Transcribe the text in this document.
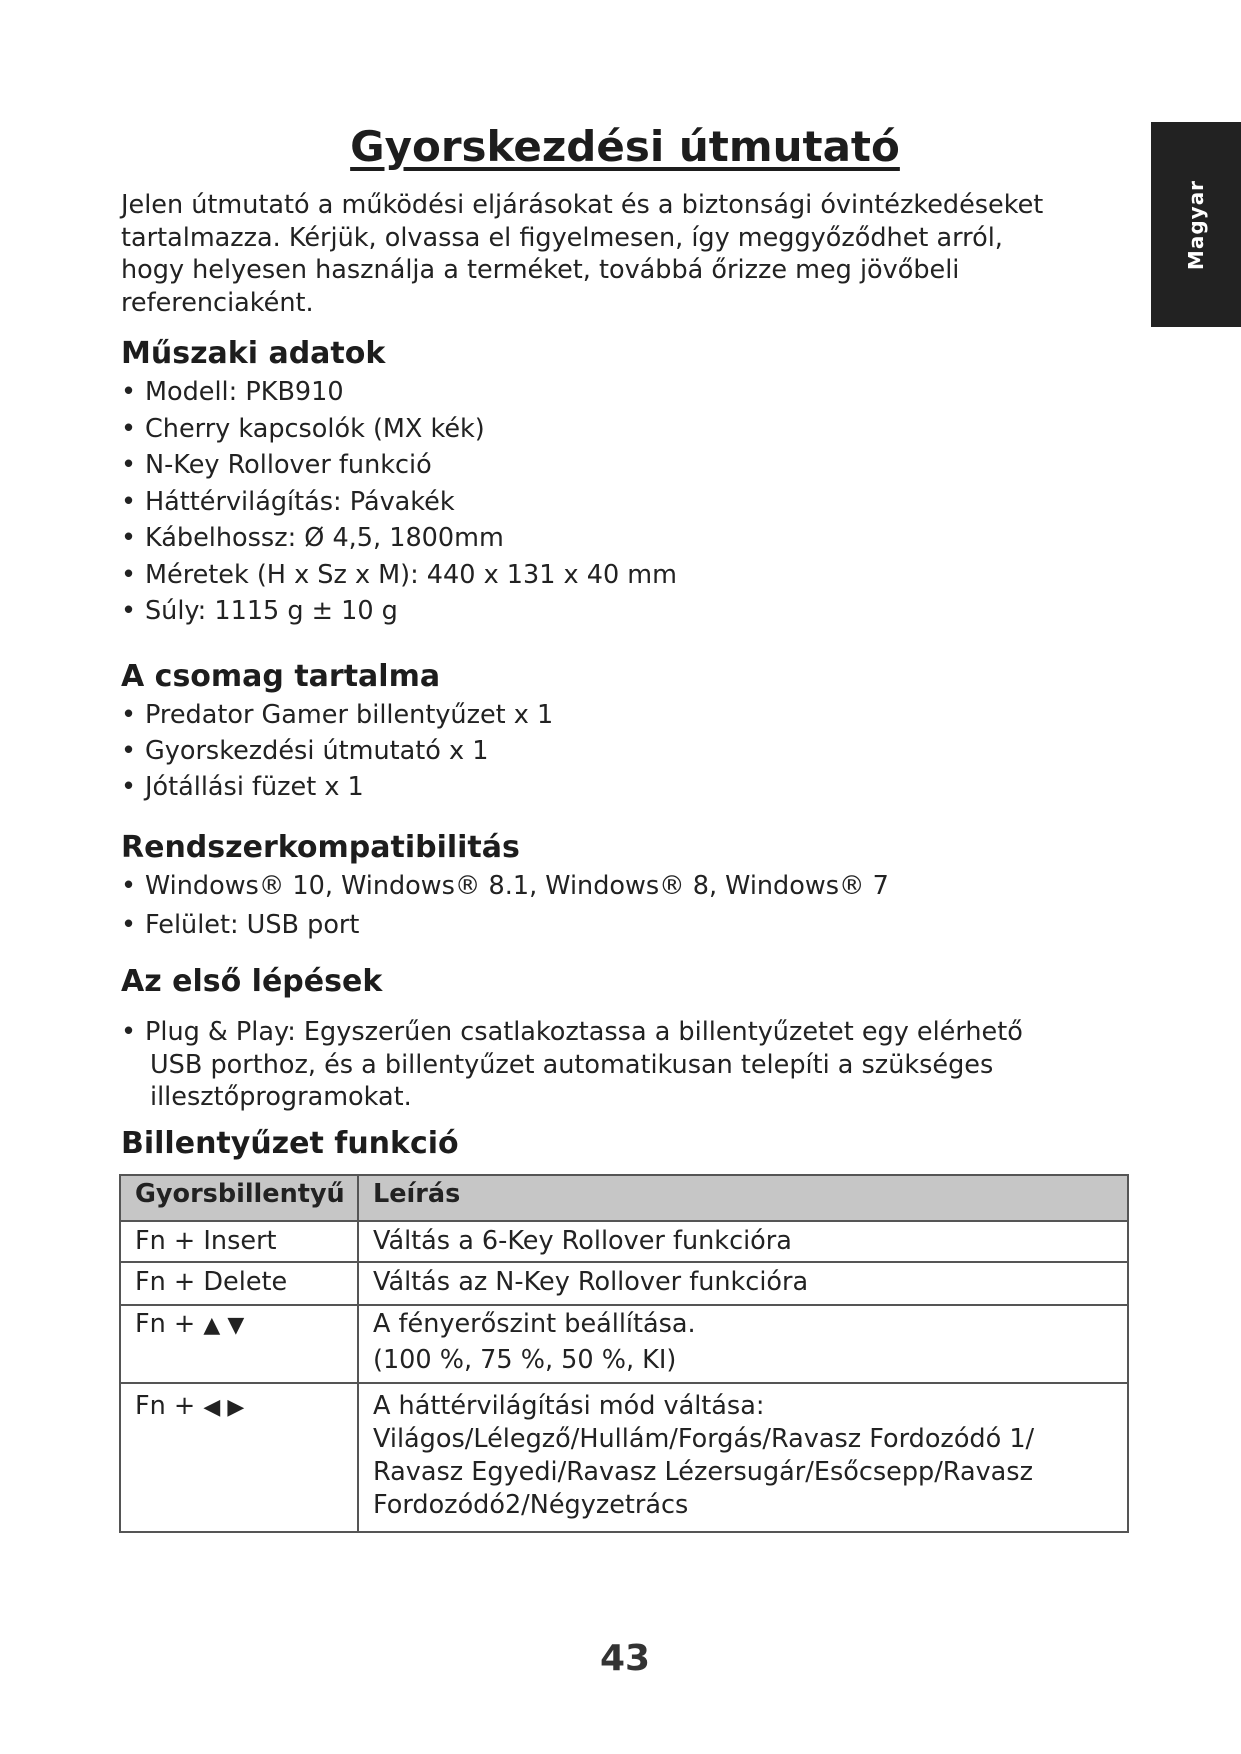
Magyar
Gyorskezdési útmutató
Jelen útmutató a működési eljárásokat és a biztonsági óvintézkedéseket
tartalmazza. Kérjük, olvassa el figyelmesen, így meggyőződhet arról,
hogy helyesen használja a terméket, továbbá őrizze meg jövőbeli
referenciaként.
Műszaki adatok
• Modell: PKB910
• Cherry kapcsolók (MX kék)
• N-Key Rollover funkció
• Háttérvilágítás: Pávakék
• Kábelhossz: Ø 4,5, 1800mm
• Méretek (H x Sz x M): 440 x 131 x 40 mm
• Súly: 1115 g ± 10 g
A csomag tartalma
• Predator Gamer billentyűzet x 1
• Gyorskezdési útmutató x 1
• Jótállási füzet x 1
Rendszerkompatibilitás
• Windows® 10, Windows® 8.1, Windows® 8, Windows® 7
• Felület: USB port
Az első lépések
• Plug & Play: Egyszerűen csatlakoztassa a billentyűzetet egy elérhető
USB porthoz, és a billentyűzet automatikusan telepíti a szükséges
illesztőprogramokat.
Billentyűzet funkció
Gyorsbillentyű	Leírás
Fn + Insert	Váltás a 6-Key Rollover funkcióra
Fn + Delete	Váltás az N-Key Rollover funkcióra
Fn + ▲ ▼	A fényerőszint beállítása.
(100 %, 75 %, 50 %, KI)

Fn + ◀ ▶	A háttérvilágítási mód váltása:
Világos/Lélegző/Hullám/Forgás/Ravasz Fordozódó 1/
Ravasz Egyedi/Ravasz Lézersugár/Esőcsepp/Ravasz
Fordozódó2/Négyzetrács
43
